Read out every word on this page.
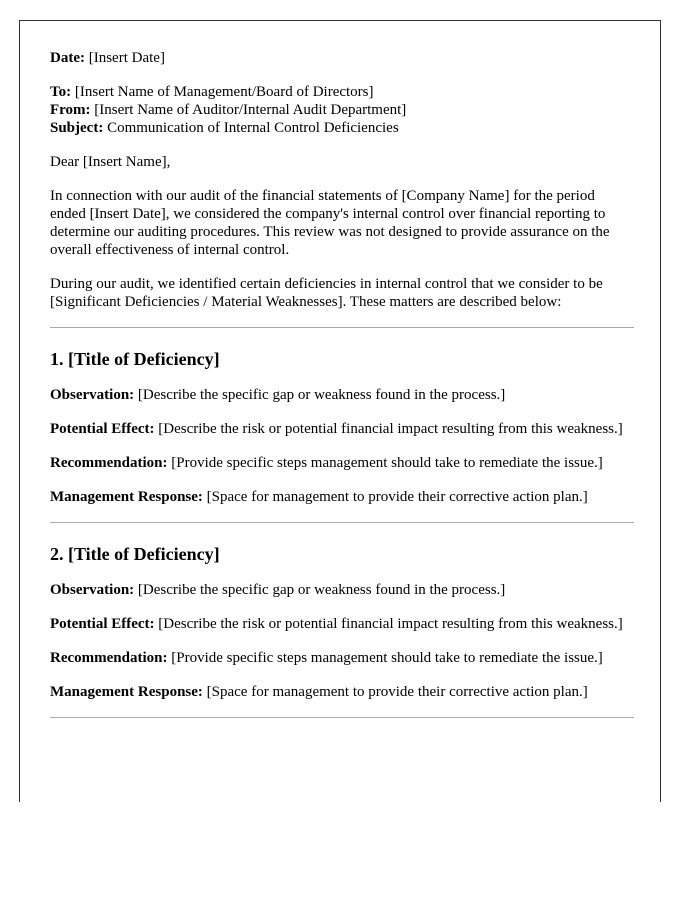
Date: [Insert Date]

To: [Insert Name of Management/Board of Directors]

From: [Insert Name of Auditor/Internal Audit Department]

Subject: Communication of Internal Control Deficiencies

Dear [Insert Name],

In connection with our audit of the financial statements of [Company Name] for the period ended [Insert Date], we considered the company's internal control over financial reporting to determine our auditing procedures. This review was not designed to provide assurance on the overall effectiveness of internal control.

During our audit, we identified certain deficiencies in internal control that we consider to be [Significant Deficiencies / Material Weaknesses]. These matters are described below:

1. [Title of Deficiency]

Observation: [Describe the specific gap or weakness found in the process.]

Potential Effect: [Describe the risk or potential financial impact resulting from this weakness.]

Recommendation: [Provide specific steps management should take to remediate the issue.]

Management Response: [Space for management to provide their corrective action plan.]

2. [Title of Deficiency]

Observation: [Describe the specific gap or weakness found in the process.]

Potential Effect: [Describe the risk or potential financial impact resulting from this weakness.]

Recommendation: [Provide specific steps management should take to remediate the issue.]

Management Response: [Space for management to provide their corrective action plan.]
